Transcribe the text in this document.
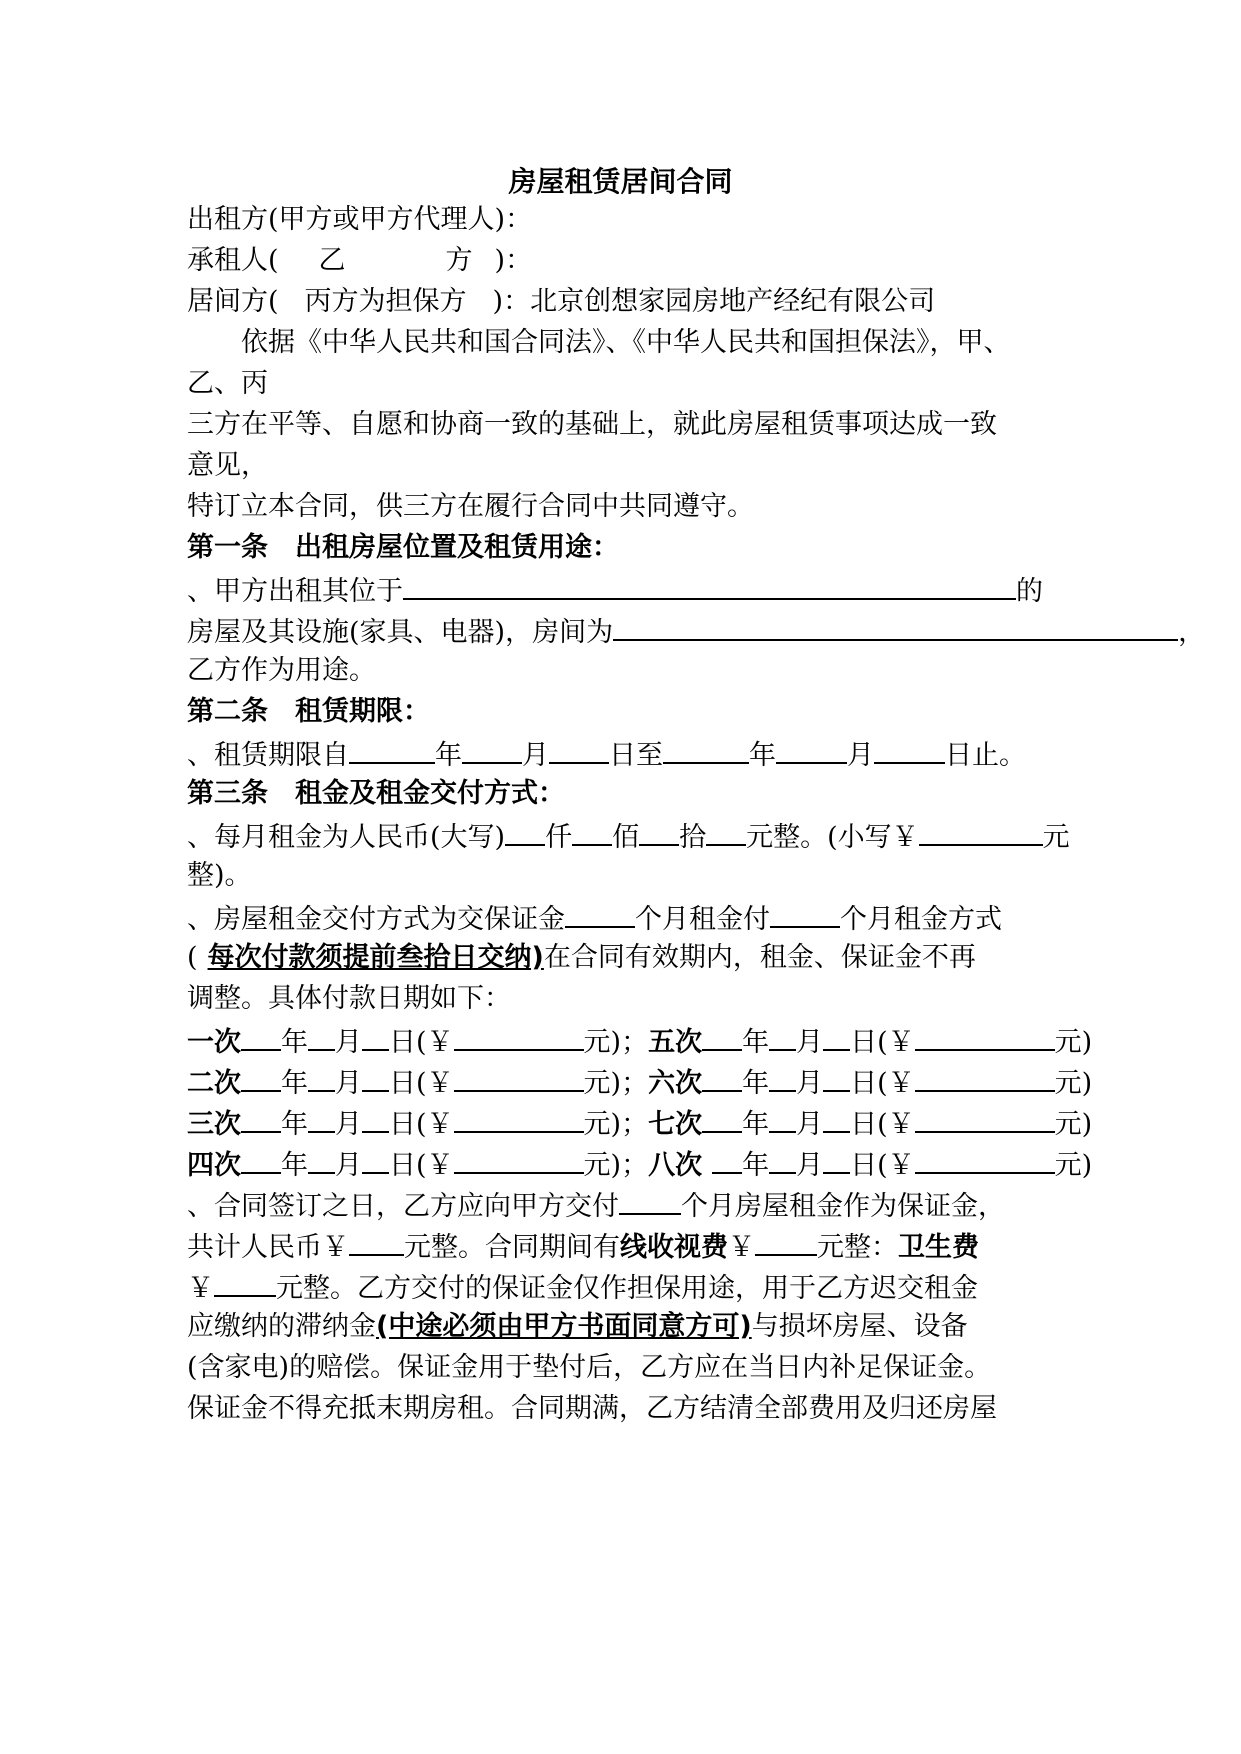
房屋租赁居间合同
出租方(甲方或甲方代理人)：
承租人( 乙	方 )：
居间方( 丙方为担保方 )：北京创想家园房地产经纪有限公司
依据《中华人民共和国合同法》、《中华人民共和国担保法》，甲、
乙、丙
三方在平等、自愿和协商一致的基础上，就此房屋租赁事项达成一致
意见，
特订立本合同，供三方在履行合同中共同遵守。
第一条　出租房屋位置及租赁用途：
、甲方出租其位于	的
房屋及其设施(家具、电器)，房间为	，
乙方作为用途。
第二条　租赁期限：
、租赁期限自	年 月 日至	年	月	日止。
第三条　租金及租金交付方式：
、每月租金为人民币(大写) 仟 佰 拾 元整。(小写￥	元
整)。
、房屋租金交付方式为交保证金	个月租金付	个月租金方式
( 每次付款须提前叁拾日交纳)在合同有效期内，租金、保证金不再
调整。具体付款日期如下：
一次 年 月 日(￥	元)；五次 年 月 日(￥	元)
二次 年 月 日(￥	元)；六次 年 月 日(￥	元)
三次 年 月 日(￥	元)；七次 年 月 日(￥	元)
四次 年 月 日(￥	元)；八次 年 月 日(￥	元)
、合同签订之日，乙方应向甲方交付 个月房屋租金作为保证金，
共计人民币￥ 元整。合同期间有线收视费￥ 元整：卫生费
￥ 元整。乙方交付的保证金仅作担保用途，用于乙方迟交租金
应缴纳的滞纳金(中途必须由甲方书面同意方可)与损坏房屋、设备
(含家电)的赔偿。保证金用于垫付后，乙方应在当日内补足保证金。
保证金不得充抵末期房租。合同期满，乙方结清全部费用及归还房屋
